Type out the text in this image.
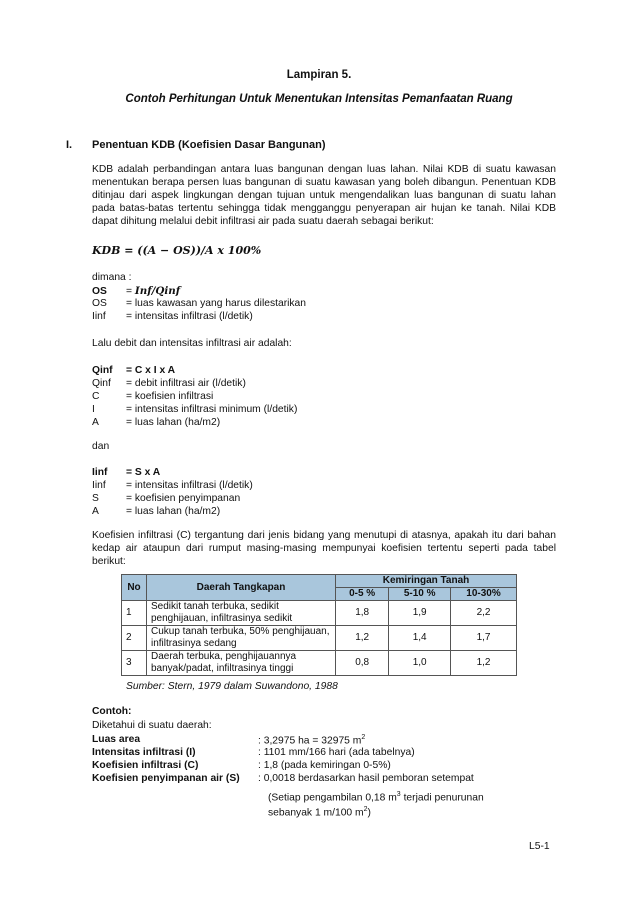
Lampiran 5.
Contoh Perhitungan Untuk Menentukan Intensitas Pemanfaatan Ruang
I. Penentuan KDB (Koefisien Dasar Bangunan)
KDB adalah perbandingan antara luas bangunan dengan luas lahan. Nilai KDB di suatu kawasan menentukan berapa persen luas bangunan di suatu kawasan yang boleh dibangun. Penentuan KDB ditinjau dari aspek lingkungan dengan tujuan untuk mengendalikan luas bangunan di suatu lahan pada batas-batas tertentu sehingga tidak mengganggu penyerapan air hujan ke tanah. Nilai KDB dapat dihitung melalui debit infiltrasi air pada suatu daerah sebagai berikut:
KDB = ((A − OS))/A x 100%
dimana :
OS = Inf/Qinf
OS = luas kawasan yang harus dilestarikan
Iinf = intensitas infiltrasi (l/detik)
Lalu debit dan intensitas infiltrasi air adalah:
Qinf = C x I x A
Qinf = debit infiltrasi air (l/detik)
C	= koefisien infiltrasi
I	= intensitas infiltrasi minimum (l/detik)
A	= luas lahan (ha/m2)
dan
Iinf = S x A
Iinf = intensitas infiltrasi (l/detik)
S	= koefisien penyimpanan
A	= luas lahan (ha/m2)
Koefisien infiltrasi (C) tergantung dari jenis bidang yang menutupi di atasnya, apakah itu dari bahan kedap air ataupun dari rumput masing-masing mempunyai koefisien tertentu seperti pada tabel berikut:
No	Daerah Tangkapan	Kemiringan Tanah		
		0-5 %	5-10 %	10-30%
1	Sedikit tanah terbuka, sedikit penghijauan, infiltrasinya sedikit	1,8	1,9	2,2
2	Cukup tanah terbuka, 50% penghijauan, infiltrasinya sedang	1,2	1,4	1,7
3	Daerah terbuka, penghijauannya banyak/padat, infiltrasinya tinggi	0,8	1,0	1,2
Sumber: Stern, 1979 dalam Suwandono, 1988
Contoh:
Diketahui di suatu daerah:
Luas area	: 3,2975 ha = 32975 $m^2$
Intensitas infiltrasi (I)	: 1101 mm/166 hari (ada tabelnya)
Koefisien infiltrasi (C)	: 1,8 (pada kemiringan 0-5%)
Koefisien penyimpanan air (S) : 0,0018 berdasarkan hasil pemboran setempat
(Setiap pengambilan 0,18 $m^3$ terjadi penurunan
sebanyak 1 m/100 $m^2$)
L5-1
